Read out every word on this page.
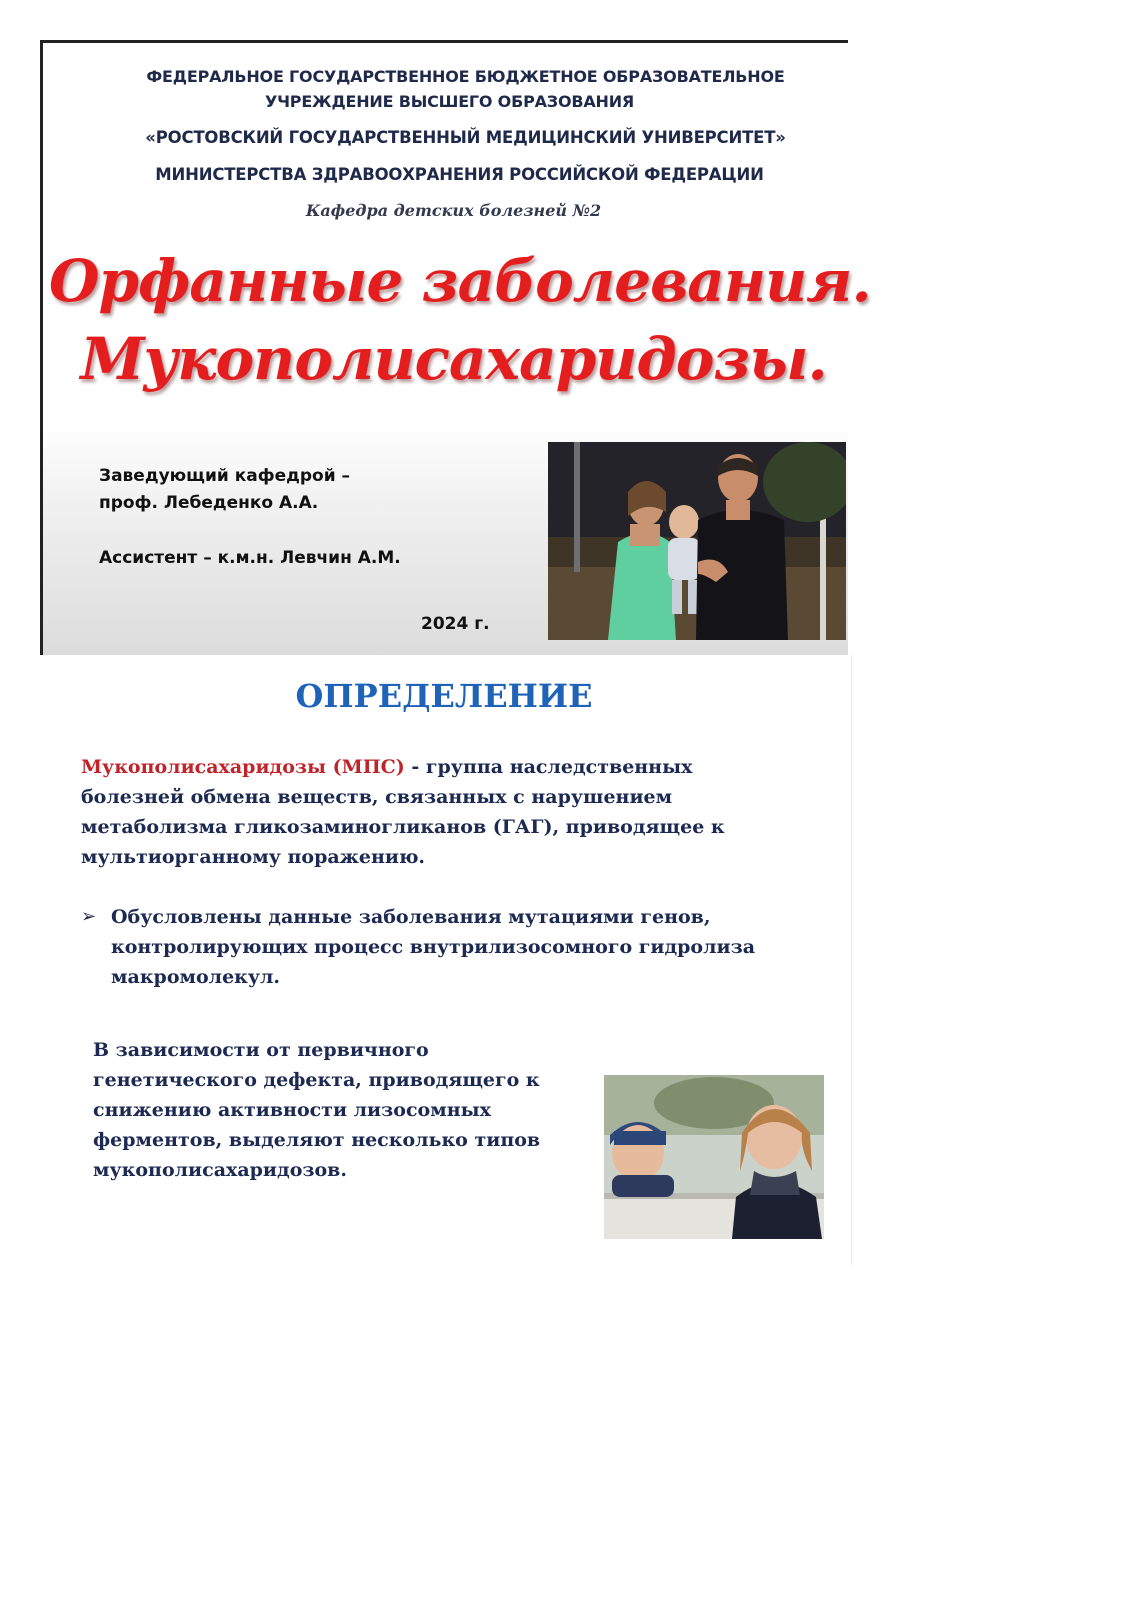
ФЕДЕРАЛЬНОЕ ГОСУДАРСТВЕННОЕ БЮДЖЕТНОЕ ОБРАЗОВАТЕЛЬНОЕ
УЧРЕЖДЕНИЕ ВЫСШЕГО ОБРАЗОВАНИЯ
«РОСТОВСКИЙ ГОСУДАРСТВЕННЫЙ МЕДИЦИНСКИЙ УНИВЕРСИТЕТ»
МИНИСТЕРСТВА ЗДРАВООХРАНЕНИЯ РОССИЙСКОЙ ФЕДЕРАЦИИ
Кафедра детских болезней №2
Орфанные заболевания.
Мукополисахаридозы.
Заведующий кафедрой –
проф. Лебеденко А.А.
Ассистент – к.м.н. Левчин А.М.
2024 г.
ОПРЕДЕЛЕНИЕ
Мукополисахаридозы (МПС) - группа наследственных болезней обмена веществ, связанных с нарушением метаболизма гликозаминогликанов (ГАГ), приводящее к мультиорганному поражению.
➢ Обусловлены данные заболевания мутациями генов, контролирующих процесс внутрилизосомного гидролиза макромолекул.
В зависимости от первичного генетического дефекта, приводящего к снижению активности лизосомных ферментов, выделяют несколько типов мукополисахаридозов.
